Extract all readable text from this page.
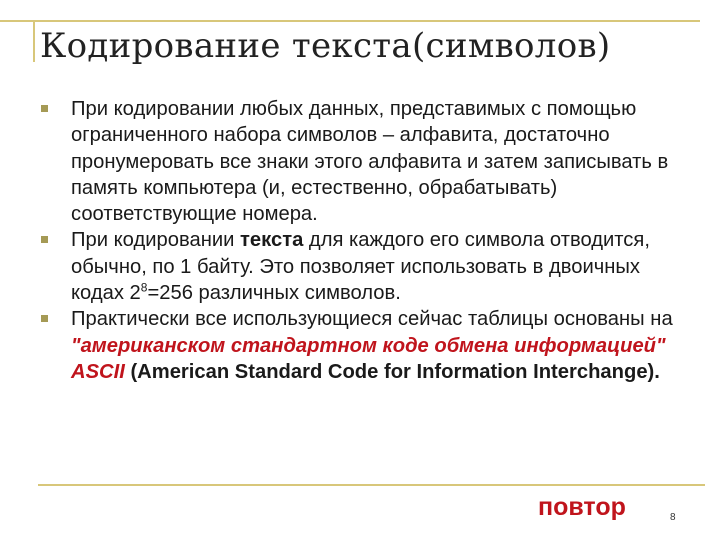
Кодирование текста(символов)
При кодировании любых данных, представимых с помощью ограниченного набора символов – алфавита, достаточно пронумеровать все знаки этого алфавита и затем записывать в память компьютера (и, естественно, обрабатывать) соответствующие номера.
При кодировании текста для каждого его символа отводится, обычно, по 1 байту. Это позволяет использовать в двоичных кодах $2^8=256$ различных символов.
Практически все использующиеся сейчас таблицы основаны на "американском стандартном коде обмена информацией" ASCII (American Standard Code for Information Interchange).
повтор	8
